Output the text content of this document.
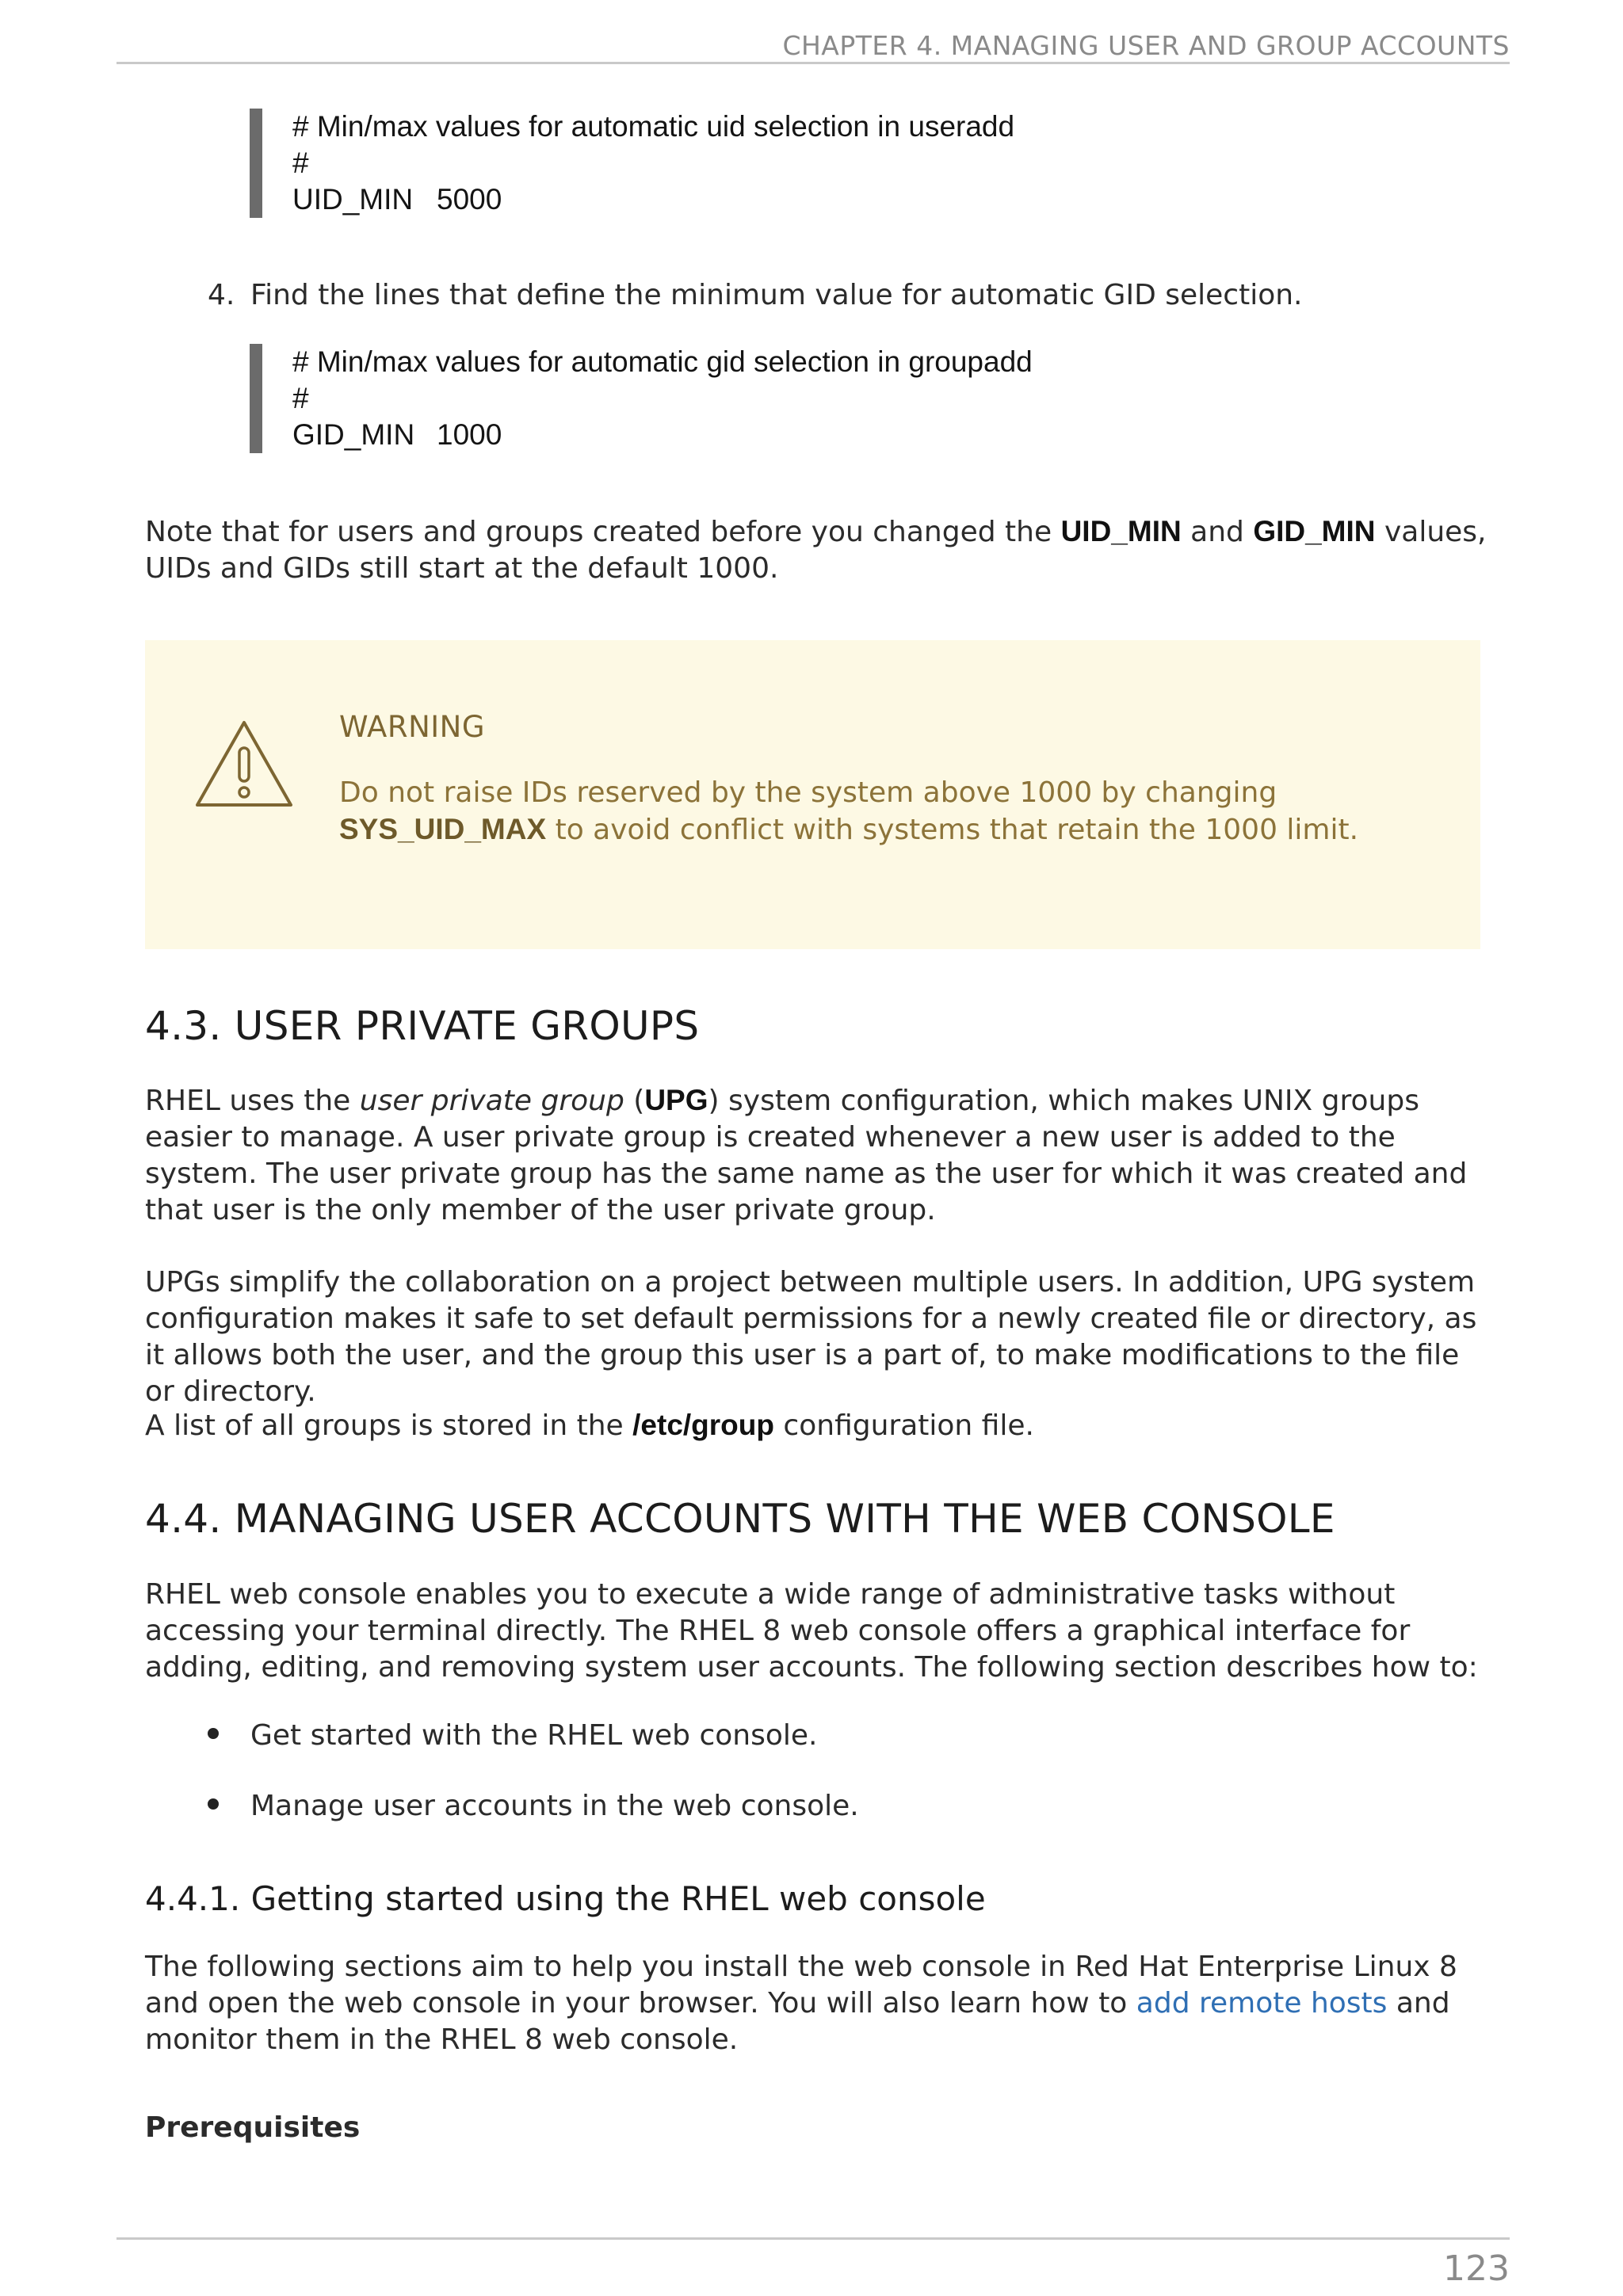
CHAPTER 4. MANAGING USER AND GROUP ACCOUNTS
# Min/max values for automatic uid selection in useradd
#
UID_MIN 5000
4. Find the lines that define the minimum value for automatic GID selection.
# Min/max values for automatic gid selection in groupadd
#
GID_MIN 1000

Note that for users and groups created before you changed the UID_MIN and GID_MIN values, UIDs and GIDs still start at the default 1000.

WARNING

Do not raise IDs reserved by the system above 1000 by changing SYS_UID_MAX to avoid conflict with systems that retain the 1000 limit.

4.3. USER PRIVATE GROUPS

RHEL uses the user private group (UPG) system configuration, which makes UNIX groups easier to manage. A user private group is created whenever a new user is added to the system. The user private group has the same name as the user for which it was created and that user is the only member of the user private group.

UPGs simplify the collaboration on a project between multiple users. In addition, UPG system configuration makes it safe to set default permissions for a newly created file or directory, as it allows both the user, and the group this user is a part of, to make modifications to the file or directory.

A list of all groups is stored in the /etc/group configuration file.

4.4. MANAGING USER ACCOUNTS WITH THE WEB CONSOLE

RHEL web console enables you to execute a wide range of administrative tasks without accessing your terminal directly. The RHEL 8 web console offers a graphical interface for adding, editing, and removing system user accounts. The following section describes how to:

Get started with the RHEL web console.
Manage user accounts in the web console.
4.4.1. Getting started using the RHEL web console

The following sections aim to help you install the web console in Red Hat Enterprise Linux 8 and open the web console in your browser. You will also learn how to add remote hosts and monitor them in the RHEL 8 web console.

Prerequisites
123
